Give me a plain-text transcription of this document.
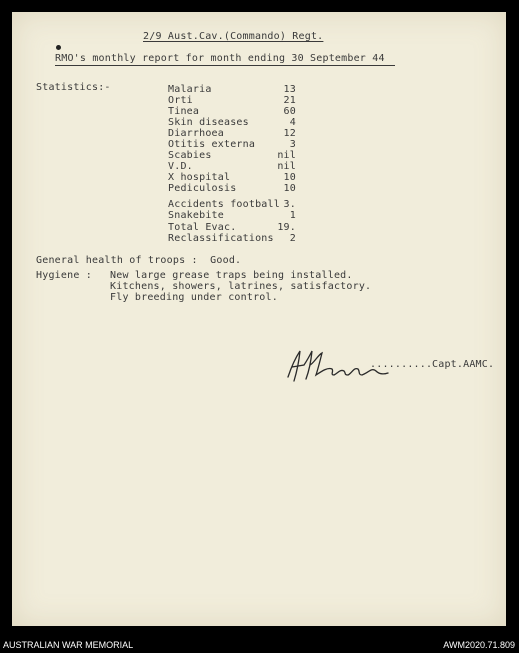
2/9 Aust.Cav.(Commando) Regt.
RMO's monthly report for month ending 30 September 44
Statistics:-	Malaria	13
Orti	21
Tinea	60
Skin diseases	4
Diarrhoea	12
Otitis externa	3
Scabies	nil
V.D.	nil
X hospital	10
Pediculosis	10
Accidents football 3.
Snakebite	1
Total Evac.	19.
Reclassifications	2
General health of troops :  Good.
Hygiene : New large grease traps being installed.
Kitchens, showers, latrines, satisfactory.
Fly breeding under control.
.......... Capt.AAMC.
AUSTRALIAN WAR MEMORIAL	AWM2020.71.809
